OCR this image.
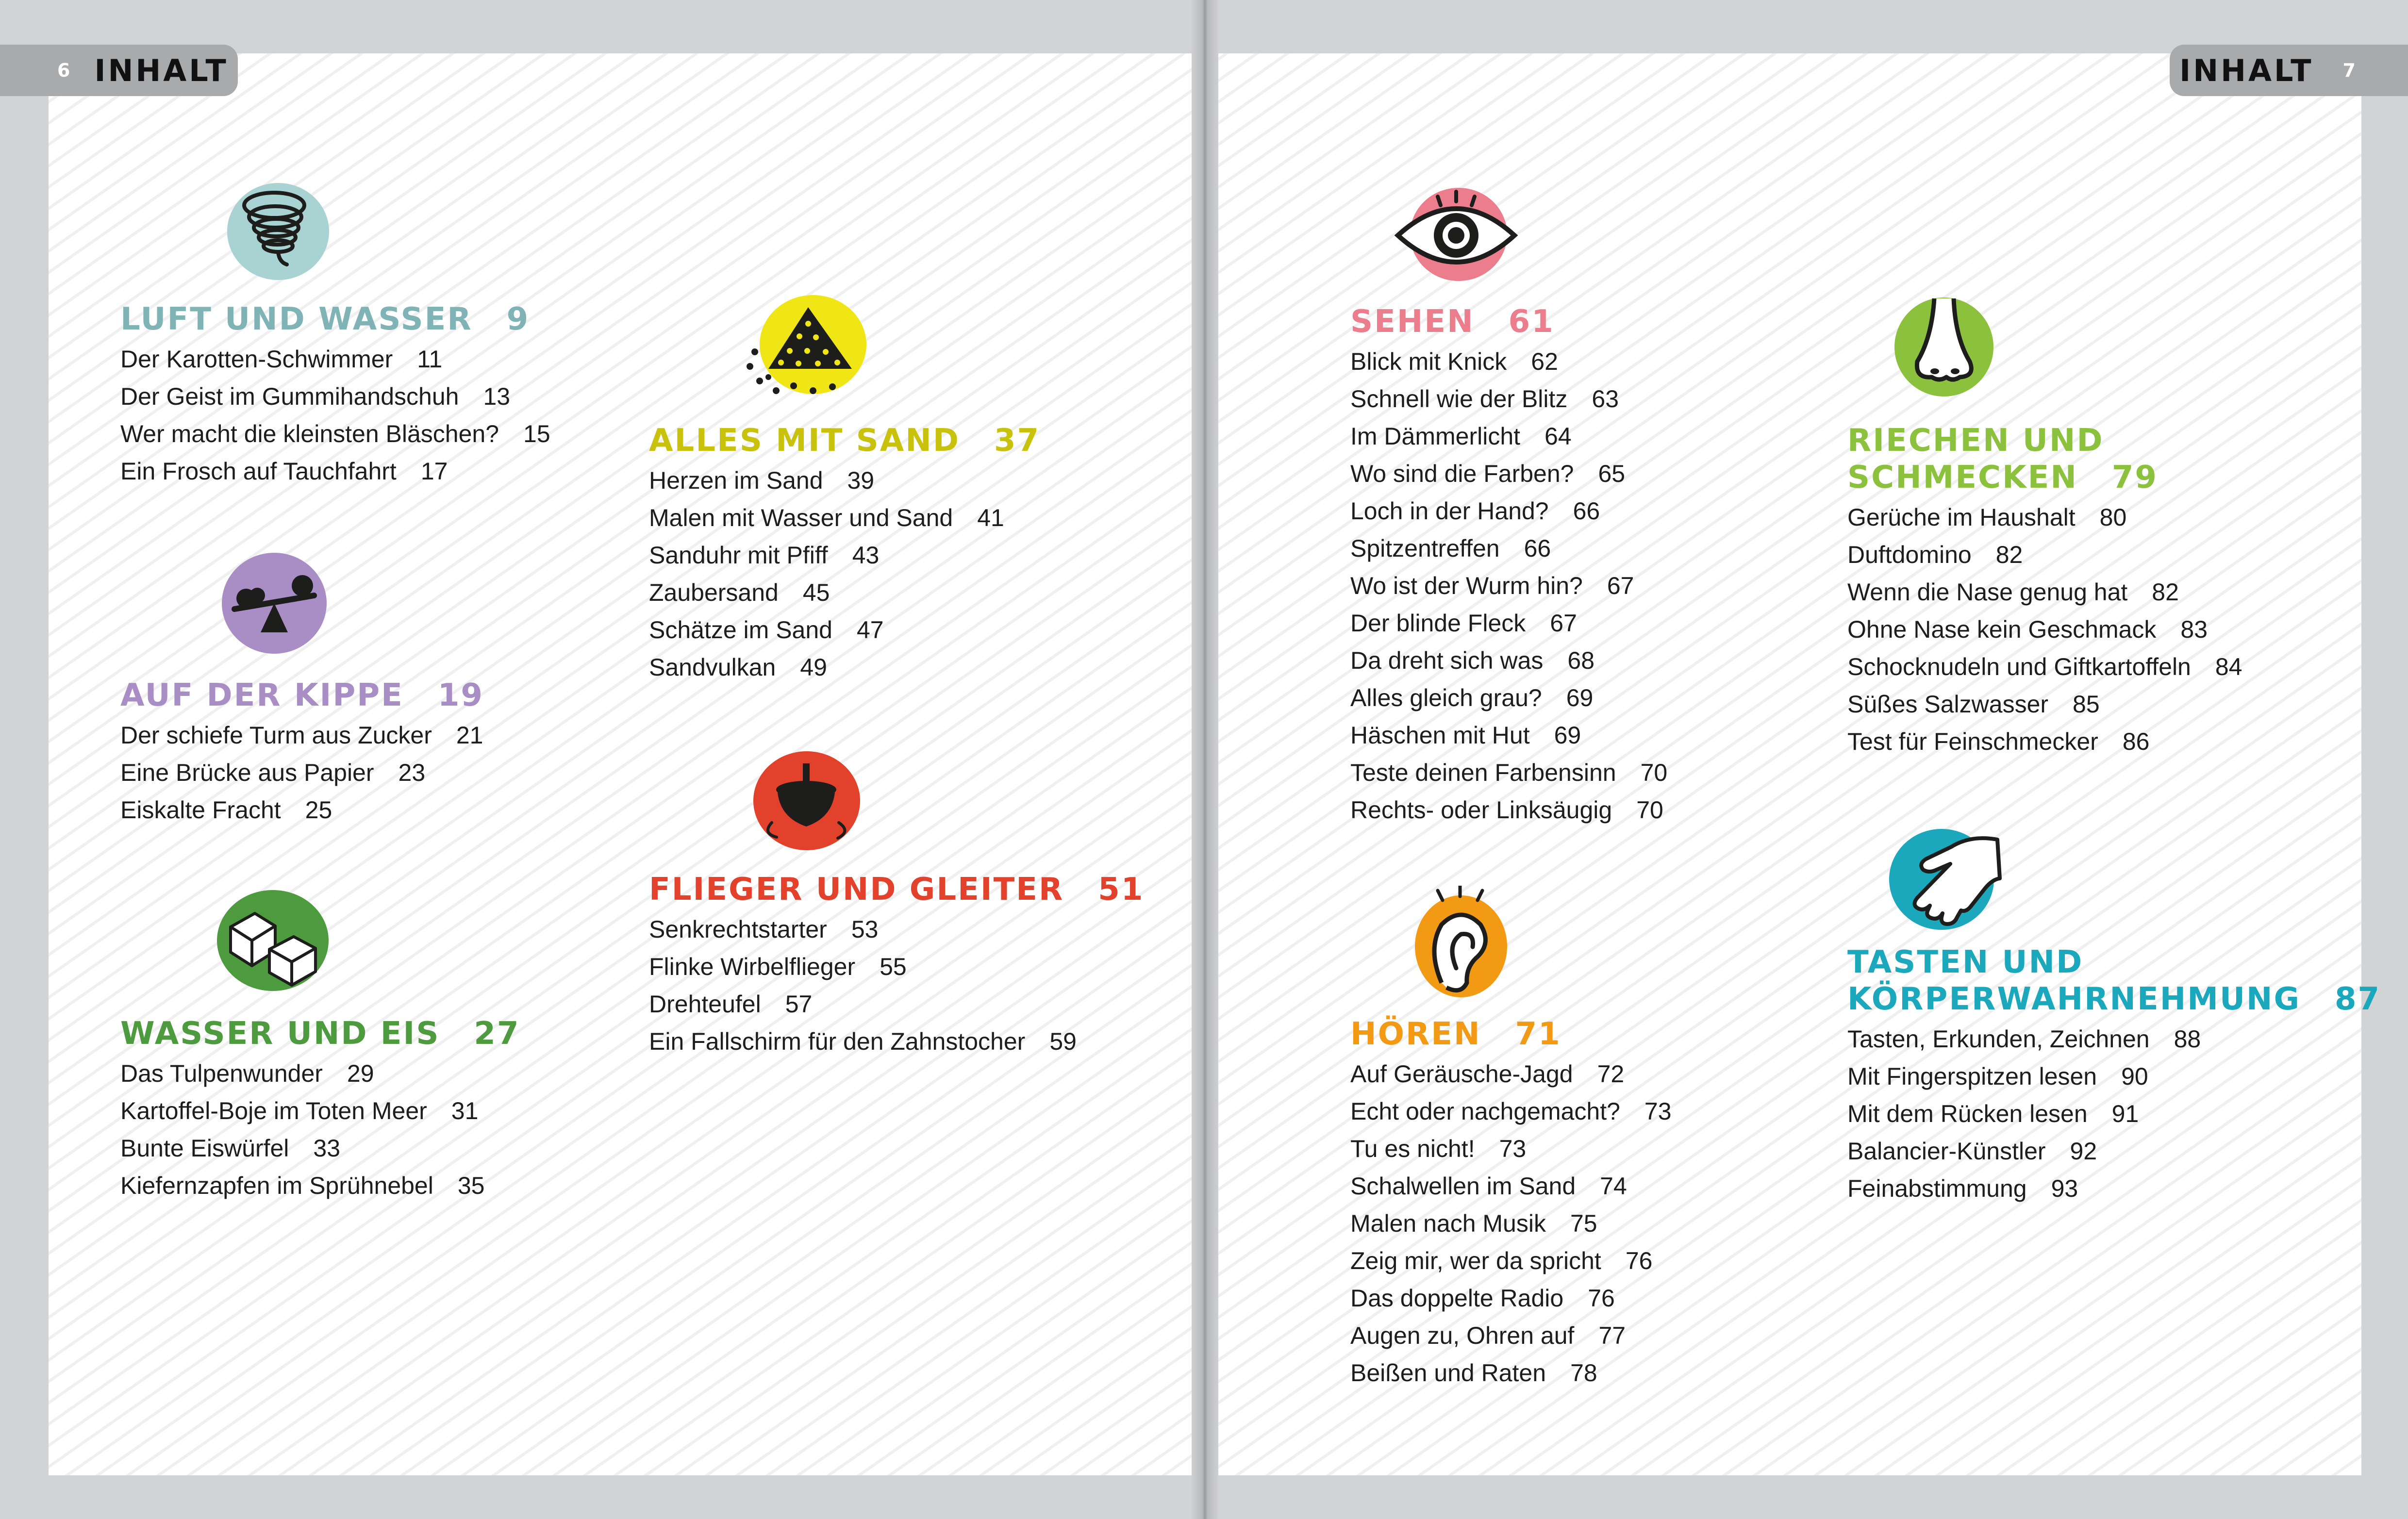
6 INHALT	INHALT 7
LUFT UND WASSER 9
Der Karotten-Schwimmer 11
Der Geist im Gummihandschuh 13
Wer macht die kleinsten Bläschen? 15
Ein Frosch auf Tauchfahrt 17
AUF DER KIPPE 19
Der schiefe Turm aus Zucker 21
Eine Brücke aus Papier 23
Eiskalte Fracht 25
WASSER UND EIS 27
Das Tulpenwunder 29
Kartoffel-Boje im Toten Meer 31
Bunte Eiswürfel 33
Kiefernzapfen im Sprühnebel 35
ALLES MIT SAND 37
Herzen im Sand 39
Malen mit Wasser und Sand 41
Sanduhr mit Pfiff 43
Zaubersand 45
Schätze im Sand 47
Sandvulkan 49
FLIEGER UND GLEITER 51
Senkrechtstarter 53
Flinke Wirbelflieger 55
Drehteufel 57
Ein Fallschirm für den Zahnstocher 59
SEHEN 61
Blick mit Knick 62
Schnell wie der Blitz 63
Im Dämmerlicht 64
Wo sind die Farben? 65
Loch in der Hand? 66
Spitzentreffen 66
Wo ist der Wurm hin? 67
Der blinde Fleck 67
Da dreht sich was 68
Alles gleich grau? 69
Häschen mit Hut 69
Teste deinen Farbensinn 70
Rechts- oder Linksäugig 70
HÖREN 71
Auf Geräusche-Jagd 72
Echt oder nachgemacht? 73
Tu es nicht! 73
Schalwellen im Sand 74
Malen nach Musik 75
Zeig mir, wer da spricht 76
Das doppelte Radio 76
Augen zu, Ohren auf 77
Beißen und Raten 78
RIECHEN UND
SCHMECKEN 79
Gerüche im Haushalt 80
Duftdomino 82
Wenn die Nase genug hat 82
Ohne Nase kein Geschmack 83
Schocknudeln und Giftkartoffeln 84
Süßes Salzwasser 85
Test für Feinschmecker 86
TASTEN UND
KÖRPERWAHRNEHMUNG 87
Tasten, Erkunden, Zeichnen 88
Mit Fingerspitzen lesen 90
Mit dem Rücken lesen 91
Balancier-Künstler 92
Feinabstimmung 93
